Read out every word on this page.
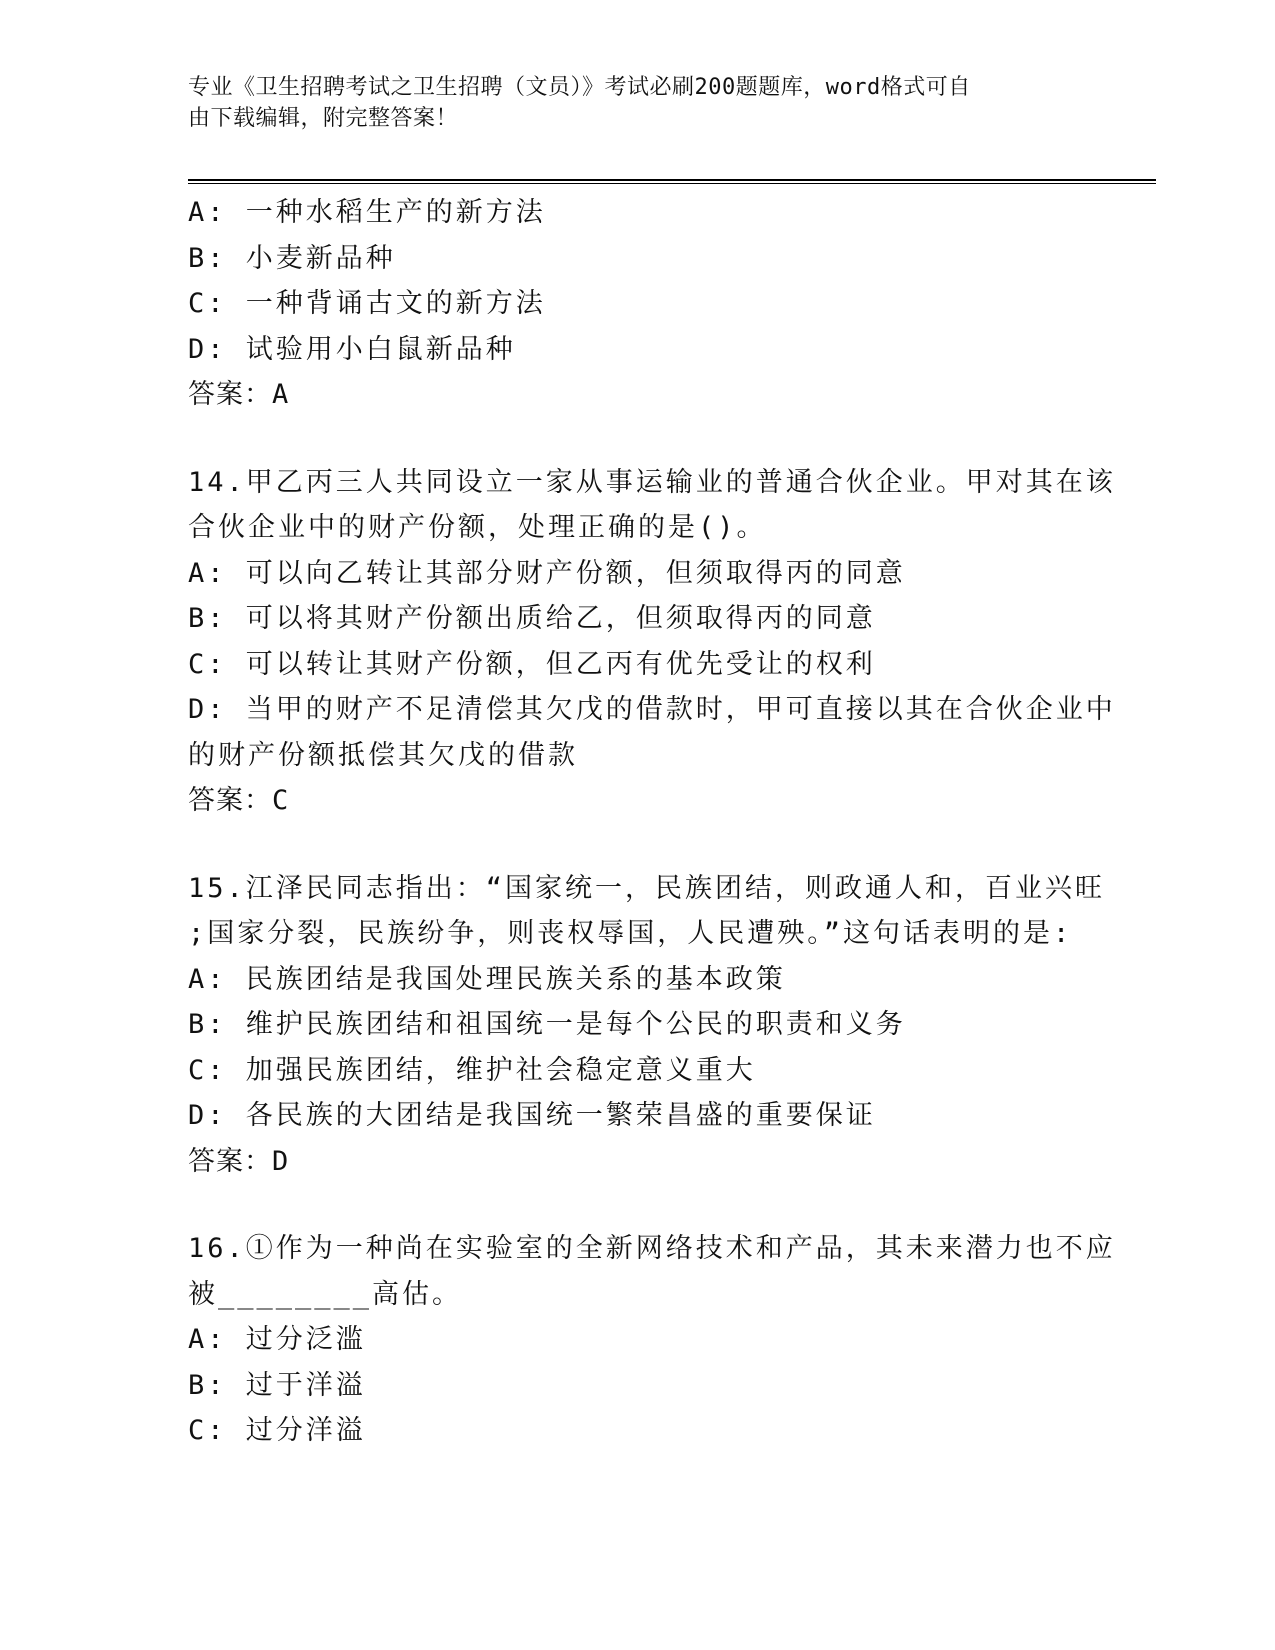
专业《卫生招聘考试之卫生招聘（文员）》考试必刷200题题库，word格式可自
由下载编辑，附完整答案！
A: 一种水稻生产的新方法
B: 小麦新品种
C: 一种背诵古文的新方法
D: 试验用小白鼠新品种
答案：A
14.甲乙丙三人共同设立一家从事运输业的普通合伙企业。甲对其在该
合伙企业中的财产份额，处理正确的是()。
A: 可以向乙转让其部分财产份额，但须取得丙的同意
B: 可以将其财产份额出质给乙，但须取得丙的同意
C: 可以转让其财产份额，但乙丙有优先受让的权利
D: 当甲的财产不足清偿其欠戊的借款时，甲可直接以其在合伙企业中
的财产份额抵偿其欠戊的借款
答案：C
15.江泽民同志指出：“国家统一，民族团结，则政通人和，百业兴旺
;国家分裂，民族纷争，则丧权辱国，人民遭殃。”这句话表明的是:
A: 民族团结是我国处理民族关系的基本政策
B: 维护民族团结和祖国统一是每个公民的职责和义务
C: 加强民族团结，维护社会稳定意义重大
D: 各民族的大团结是我国统一繁荣昌盛的重要保证
答案：D
16.①作为一种尚在实验室的全新网络技术和产品，其未来潜力也不应
被________高估。
A: 过分泛滥
B: 过于洋溢
C: 过分洋溢
